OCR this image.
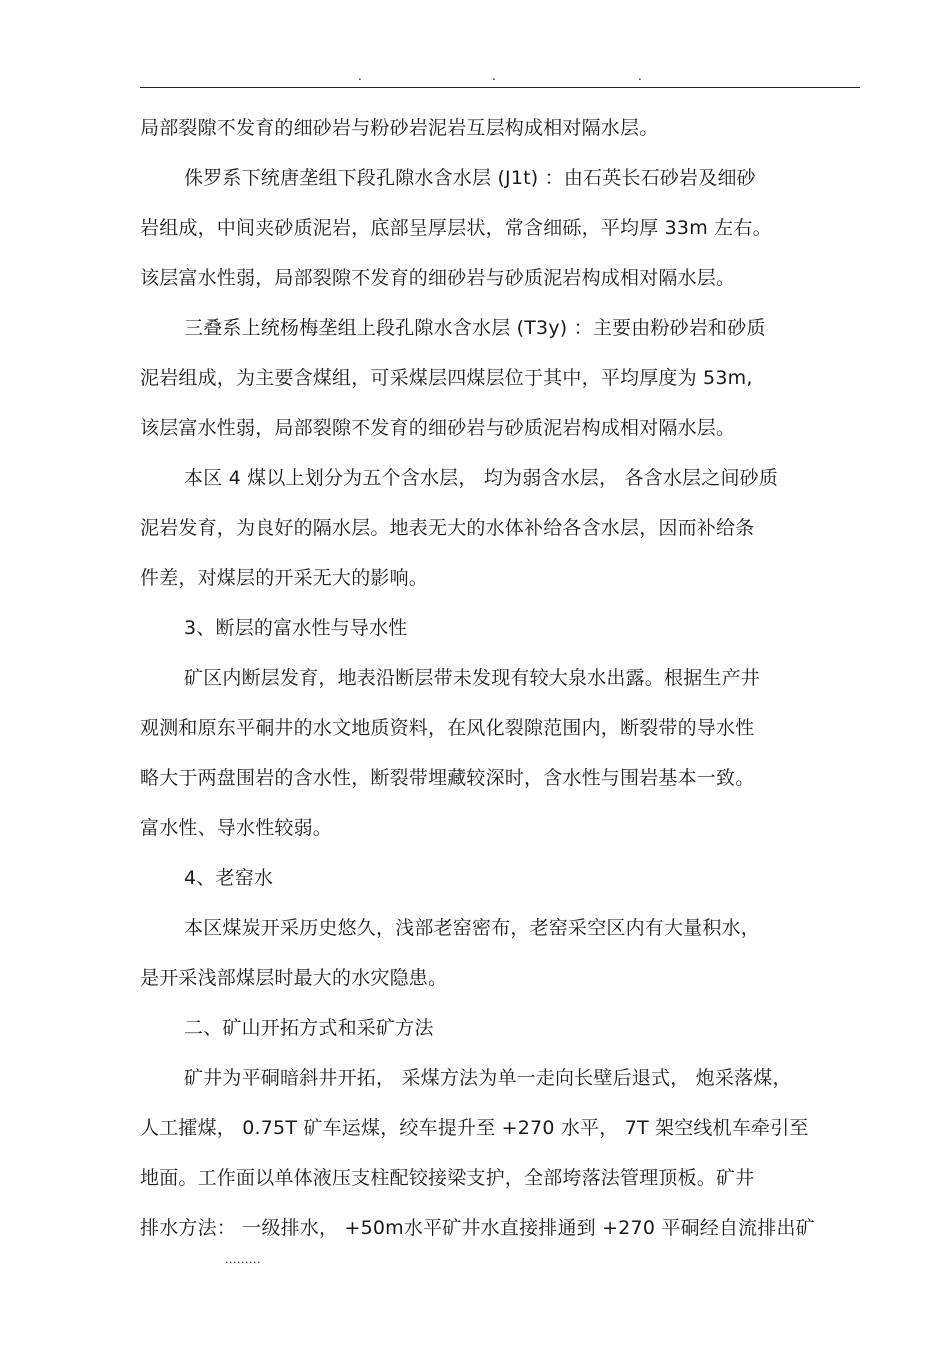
.	.	.
局部裂隙不发育的细砂岩与粉砂岩泥岩互层构成相对隔水层。
侏罗系下统唐垄组下段孔隙水含水层 (J1t) ：由石英长石砂岩及细砂
岩组成，中间夹砂质泥岩，底部呈厚层状，常含细砾，平均厚 33m 左右。
该层富水性弱，局部裂隙不发育的细砂岩与砂质泥岩构成相对隔水层。
三叠系上统杨梅垄组上段孔隙水含水层 (T3y) ：主要由粉砂岩和砂质
泥岩组成，为主要含煤组，可采煤层四煤层位于其中，平均厚度为 53m,
该层富水性弱，局部裂隙不发育的细砂岩与砂质泥岩构成相对隔水层。
本区 4 煤以上划分为五个含水层， 均为弱含水层， 各含水层之间砂质
泥岩发育，为良好的隔水层。地表无大的水体补给各含水层，因而补给条
件差，对煤层的开采无大的影响。
3、断层的富水性与导水性
矿区内断层发育，地表沿断层带未发现有较大泉水出露。根据生产井
观测和原东平硐井的水文地质资料，在风化裂隙范围内，断裂带的导水性
略大于两盘围岩的含水性，断裂带埋藏较深时，含水性与围岩基本一致。
富水性、导水性较弱。
4、老窑水
本区煤炭开采历史悠久，浅部老窑密布，老窑采空区内有大量积水，
是开采浅部煤层时最大的水灾隐患。
二、矿山开拓方式和采矿方法
矿井为平硐暗斜井开拓， 采煤方法为单一走向长壁后退式， 炮采落煤，
人工攉煤， 0.75T 矿车运煤，绞车提升至 +270 水平， 7T 架空线机车牵引至
地面。工作面以单体液压支柱配铰接梁支护，全部垮落法管理顶板。矿井
排水方法： 一级排水， +50m水平矿井水直接排通到 +270 平硐经自流排出矿
.........
